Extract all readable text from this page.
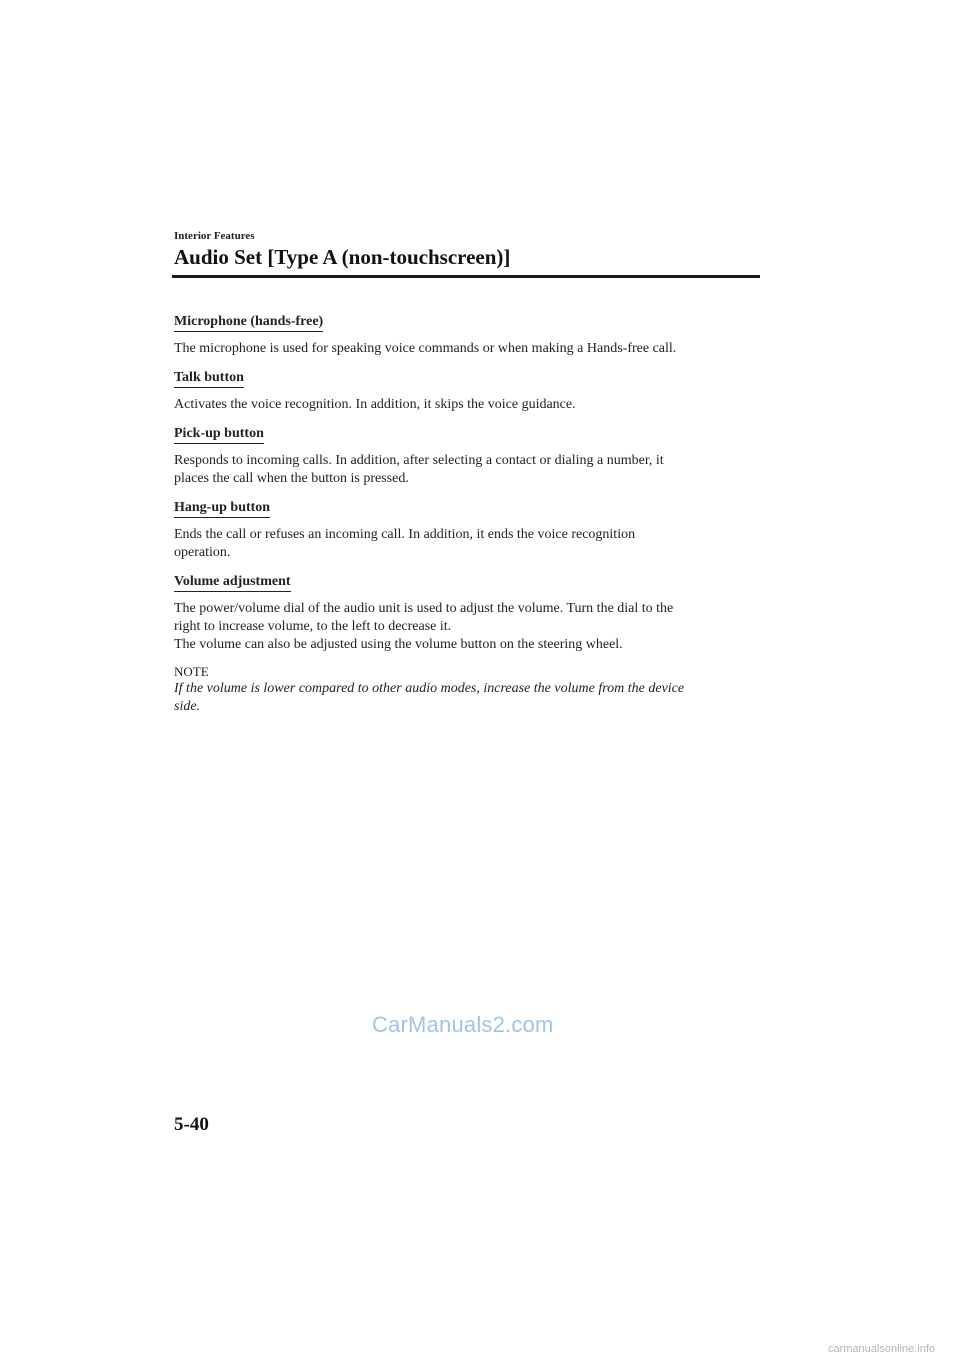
Interior Features
Audio Set [Type A (non-touchscreen)]
Microphone (hands-free)

The microphone is used for speaking voice commands or when making a Hands-free call.

Talk button

Activates the voice recognition. In addition, it skips the voice guidance.

Pick-up button

Responds to incoming calls. In addition, after selecting a contact or dialing a number, it
places the call when the button is pressed.

Hang-up button

Ends the call or refuses an incoming call. In addition, it ends the voice recognition
operation.

Volume adjustment

The power/volume dial of the audio unit is used to adjust the volume. Turn the dial to the
right to increase volume, to the left to decrease it.
The volume can also be adjusted using the volume button on the steering wheel.

NOTE

If the volume is lower compared to other audio modes, increase the volume from the device
side.

CarManuals2.com
5-40
carmanualsonline.info
